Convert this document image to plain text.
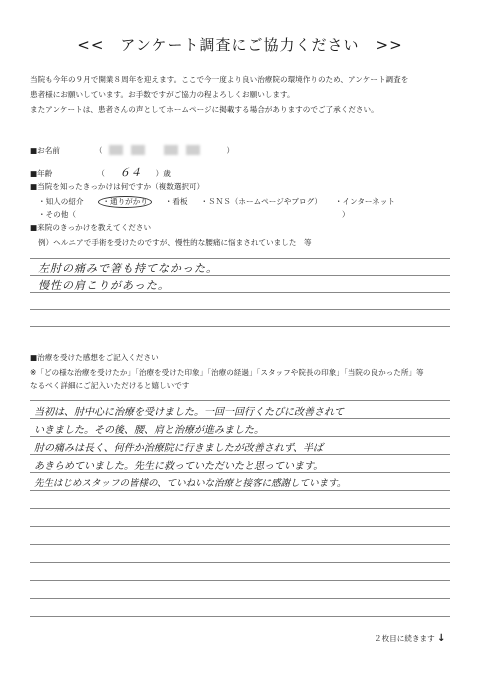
<<　アンケート調査にご協力ください　>>
当院も今年の９月で開業８周年を迎えます。ここで今一度より良い治療院の環境作りのため、アンケート調査を
患者様にお願いしています。お手数ですがご協力の程よろしくお願いします。
またアンケートは、患者さんの声としてホームページに掲載する場合がありますのでご了承ください。
■お名前	（	）
■年齢	（ ６４ ）歳
■当院を知ったきっかけは何ですか（複数選択可）
・知人の紹介 ・通りがかり ・看板 ・ＳＮＳ（ホームページやブログ） ・インターネット
・その他（	）
■来院のきっかけを教えてください
例）ヘルニアで手術を受けたのですが、慢性的な腰痛に悩まされていました　等
左肘の痛みで箸も持てなかった。
慢性の肩こりがあった。
■治療を受けた感想をご記入ください
※「どの様な治療を受けたか」「治療を受けた印象」「治療の経過」「スタッフや院長の印象」「当院の良かった所」等
なるべく詳細にご記入いただけると嬉しいです
当初は、肘中心に治療を受けました。一回一回行くたびに改善されて
いきました。その後、腰、肩と治療が進みました。
肘の痛みは長く、何件か治療院に行きましたが改善されず、半ば
あきらめていました。先生に救っていただいたと思っています。
先生はじめスタッフの皆様の、ていねいな治療と接客に感謝しています。
２枚目に続きます ↓
